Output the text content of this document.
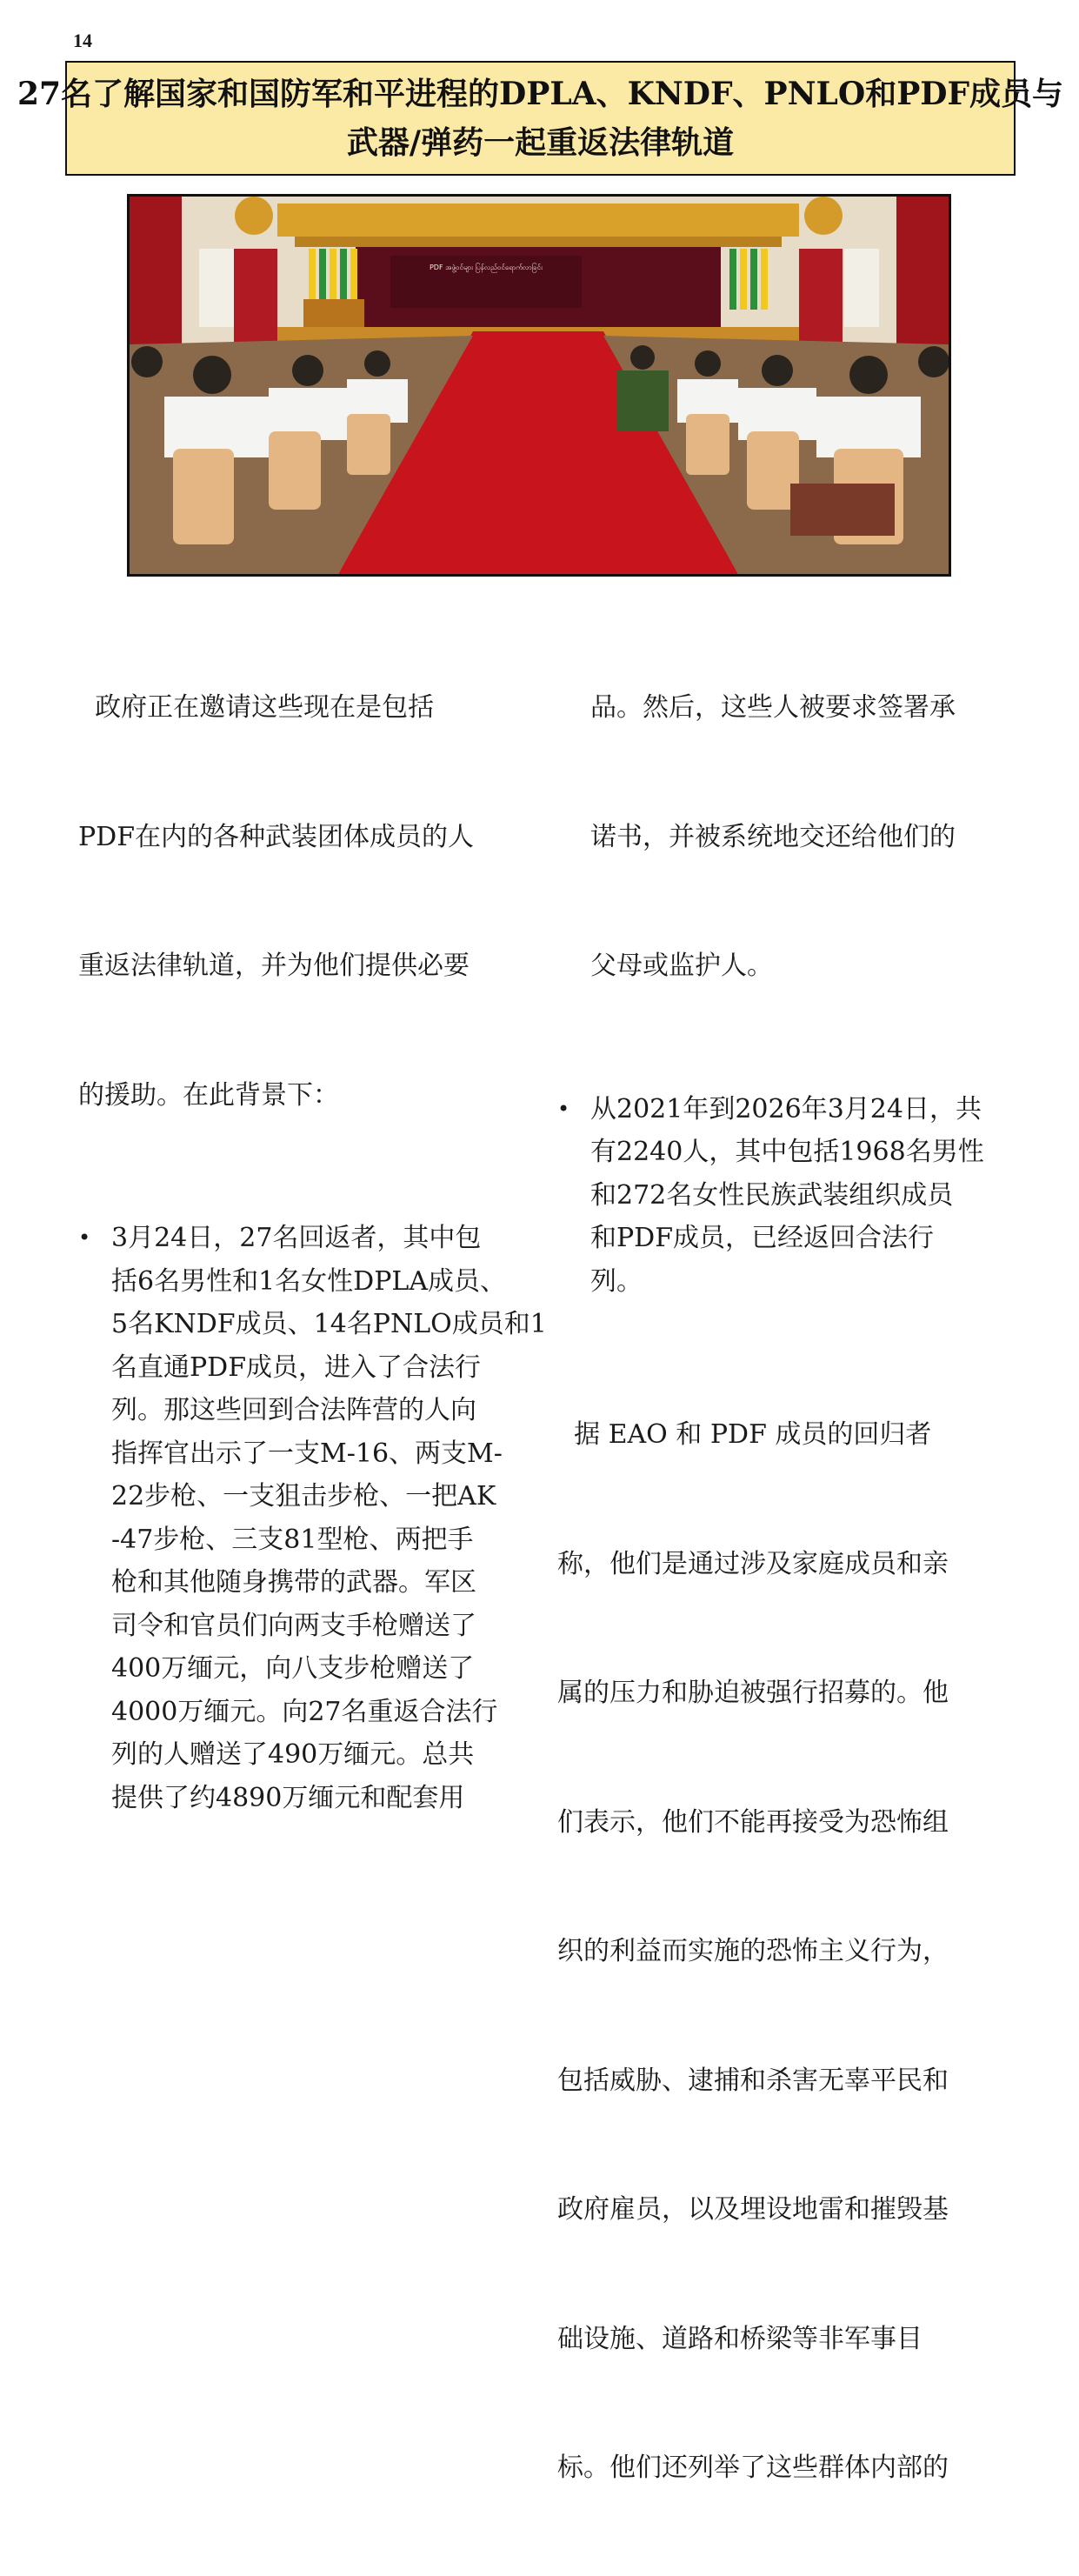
14
27名了解国家和国防军和平进程的DPLA、KNDF、PNLO和PDF成员与
武器/弹药一起重返法律轨道
PDF အဖွဲ့ဝင်များ ပြန်လည်ဝင်ရောက်လာခြင်း

政府正在邀请这些现在是包括

PDF在内的各种武装团体成员的人

重返法律轨道，并为他们提供必要

的援助。在此背景下：

• 3月24日，27名回返者，其中包
括6名男性和1名女性DPLA成员、
5名KNDF成员、14名PNLO成员和1
名直通PDF成员，进入了合法行
列。那这些回到合法阵营的人向
指挥官出示了一支M-16、两支M-
22步枪、一支狙击步枪、一把AK
-47步枪、三支81型枪、两把手
枪和其他随身携带的武器。军区
司令和官员们向两支手枪赠送了
400万缅元，向八支步枪赠送了
4000万缅元。向27名重返合法行
列的人赠送了490万缅元。总共
提供了约4890万缅元和配套用

品。然后，这些人被要求签署承

诺书，并被系统地交还给他们的

父母或监护人。

• 从2021年到2026年3月24日，共
有2240人，其中包括1968名男性
和272名女性民族武装组织成员
和PDF成员，已经返回合法行
列。

据 EAO 和 PDF 成员的回归者

称，他们是通过涉及家庭成员和亲

属的压力和胁迫被强行招募的。他

们表示，他们不能再接受为恐怖组

织的利益而实施的恐怖主义行为，

包括威胁、逮捕和杀害无辜平民和

政府雇员，以及埋设地雷和摧毁基

础设施、道路和桥梁等非军事目

标。他们还列举了这些群体内部的
